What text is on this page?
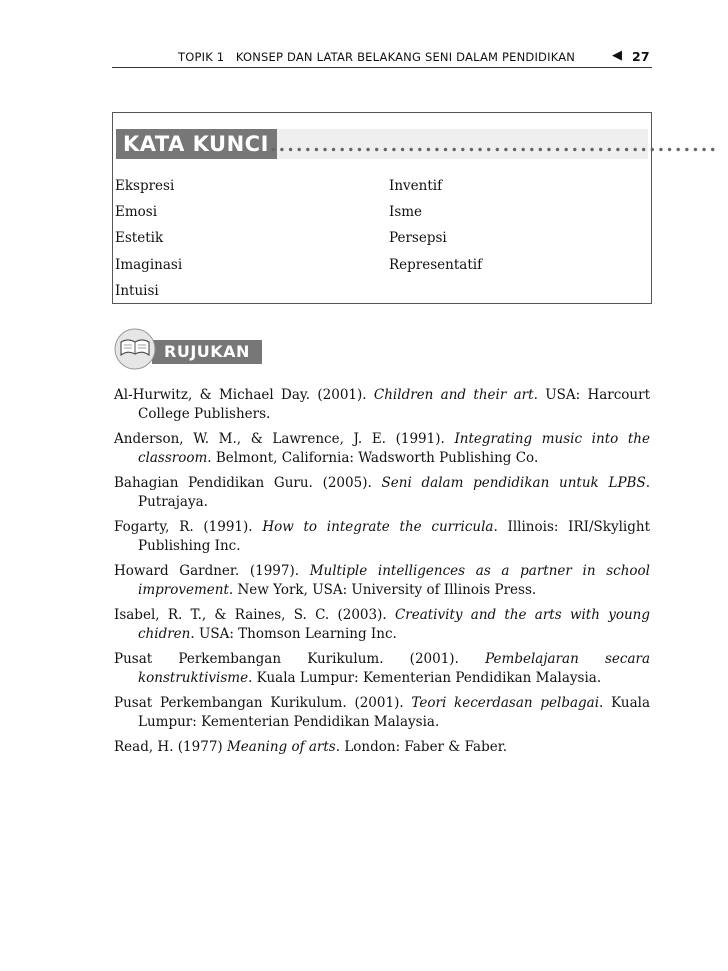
TOPIK 1   KONSEP DAN LATAR BELAKANG SENI DALAM PENDIDIKAN	◀ 27
KATA KUNCI ....................................................
Ekspresi
Emosi
Estetik
Imaginasi
Intuisi
Inventif
Isme
Persepsi
Representatif
RUJUKAN

Al-Hurwitz, & Michael Day. (2001). Children and their art. USA: Harcourt College Publishers.

Anderson, W. M., & Lawrence, J. E. (1991). Integrating music into the classroom. Belmont, California: Wadsworth Publishing Co.

Bahagian Pendidikan Guru. (2005). Seni dalam pendidikan untuk LPBS. Putrajaya.

Fogarty, R. (1991). How to integrate the curricula. Illinois: IRI/Skylight Publishing Inc.

Howard Gardner. (1997). Multiple intelligences as a partner in school improvement. New York, USA: University of Illinois Press.

Isabel, R. T., & Raines, S. C. (2003). Creativity and the arts with young chidren. USA: Thomson Learning Inc.

Pusat Perkembangan Kurikulum. (2001). Pembelajaran secara konstruktivisme. Kuala Lumpur: Kementerian Pendidikan Malaysia.

Pusat Perkembangan Kurikulum. (2001). Teori kecerdasan pelbagai. Kuala Lumpur: Kementerian Pendidikan Malaysia.

Read, H. (1977) Meaning of arts. London: Faber & Faber.
